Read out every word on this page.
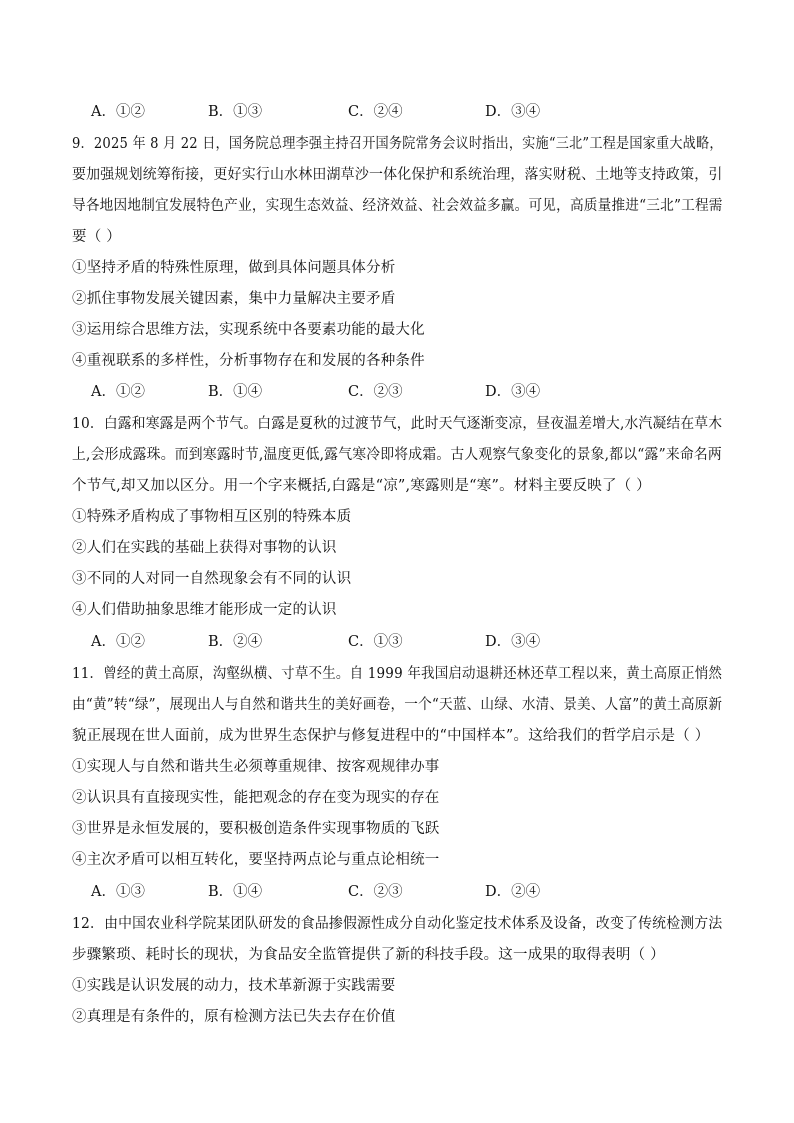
A．①②	B．①③	C．②④	D．③④
9．2025 年 8 月 22 日，国务院总理李强主持召开国务院常务会议时指出，实施“三北”工程是国家重大战略，
要加强规划统筹衔接，更好实行山水林田湖草沙一体化保护和系统治理，落实财税、土地等支持政策，引
导各地因地制宜发展特色产业，实现生态效益、经济效益、社会效益多赢。可见，高质量推进“三北”工程需
要（ ）
①坚持矛盾的特殊性原理，做到具体问题具体分析
②抓住事物发展关键因素，集中力量解决主要矛盾
③运用综合思维方法，实现系统中各要素功能的最大化
④重视联系的多样性，分析事物存在和发展的各种条件
A．①②	B．①④	C．②③	D．③④
10．白露和寒露是两个节气。白露是夏秋的过渡节气，此时天气逐渐变凉，昼夜温差增大,水汽凝结在草木
上,会形成露珠。而到寒露时节,温度更低,露气寒冷即将成霜。古人观察气象变化的景象,都以“露”来命名两
个节气,却又加以区分。用一个字来概括,白露是“凉”,寒露则是“寒”。材料主要反映了（ ）
①特殊矛盾构成了事物相互区别的特殊本质
②人们在实践的基础上获得对事物的认识
③不同的人对同一自然现象会有不同的认识
④人们借助抽象思维才能形成一定的认识
A．①②	B．②④	C．①③	D．③④
11．曾经的黄土高原，沟壑纵横、寸草不生。自 1999 年我国启动退耕还林还草工程以来，黄土高原正悄然
由“黄”转“绿”，展现出人与自然和谐共生的美好画卷，一个“天蓝、山绿、水清、景美、人富”的黄土高原新
貌正展现在世人面前，成为世界生态保护与修复进程中的“中国样本”。这给我们的哲学启示是（ ）
①实现人与自然和谐共生必须尊重规律、按客观规律办事
②认识具有直接现实性，能把观念的存在变为现实的存在
③世界是永恒发展的，要积极创造条件实现事物质的飞跃
④主次矛盾可以相互转化，要坚持两点论与重点论相统一
A．①③	B．①④	C．②③	D．②④
12．由中国农业科学院某团队研发的食品掺假源性成分自动化鉴定技术体系及设备，改变了传统检测方法
步骤繁琐、耗时长的现状，为食品安全监管提供了新的科技手段。这一成果的取得表明（ ）
①实践是认识发展的动力，技术革新源于实践需要
②真理是有条件的，原有检测方法已失去存在价值
